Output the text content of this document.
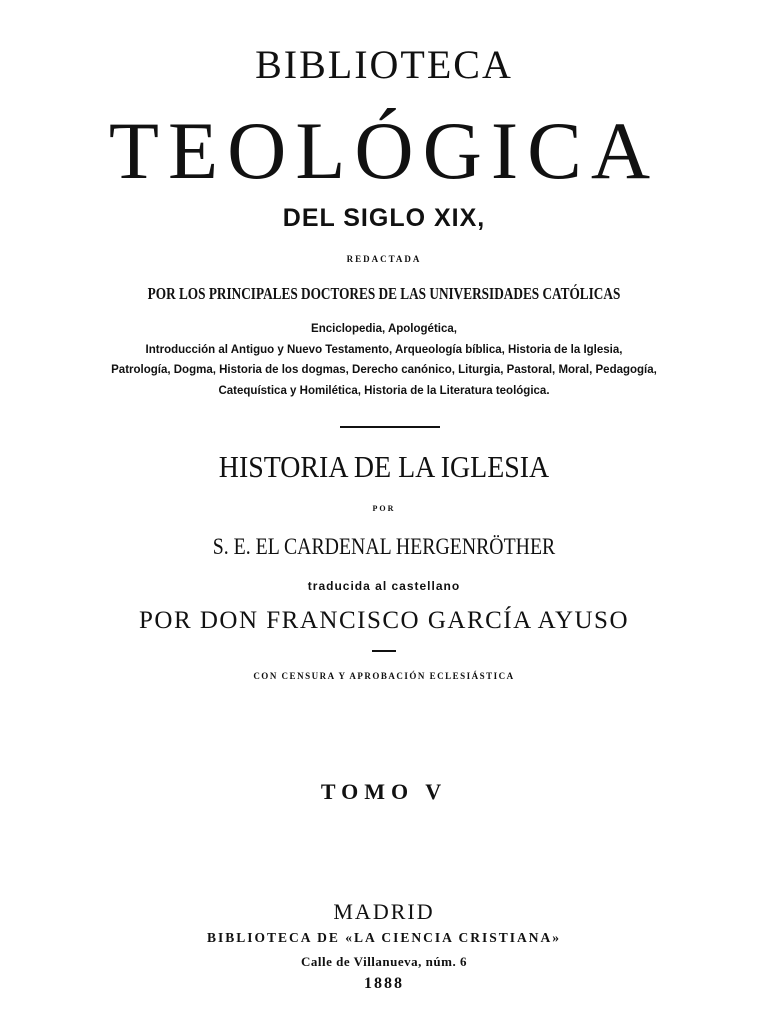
BIBLIOTECA
TEOLÓGICA
DEL SIGLO XIX,
REDACTADA
POR LOS PRINCIPALES DOCTORES DE LAS UNIVERSIDADES CATÓLICAS
Enciclopedia, Apologética,
Introducción al Antiguo y Nuevo Testamento, Arqueología bíblica, Historia de la Iglesia,
Patrología, Dogma, Historia de los dogmas, Derecho canónico, Liturgia, Pastoral, Moral, Pedagogía,
Catequística y Homilética, Historia de la Literatura teológica.
HISTORIA DE LA IGLESIA
POR
S. E. EL CARDENAL HERGENRÖTHER
traducida al castellano
POR DON FRANCISCO GARCÍA AYUSO
CON CENSURA Y APROBACIÓN ECLESIÁSTICA
TOMO V
MADRID
BIBLIOTECA DE «LA CIENCIA CRISTIANA»
Calle de Villanueva, núm. 6
1888
